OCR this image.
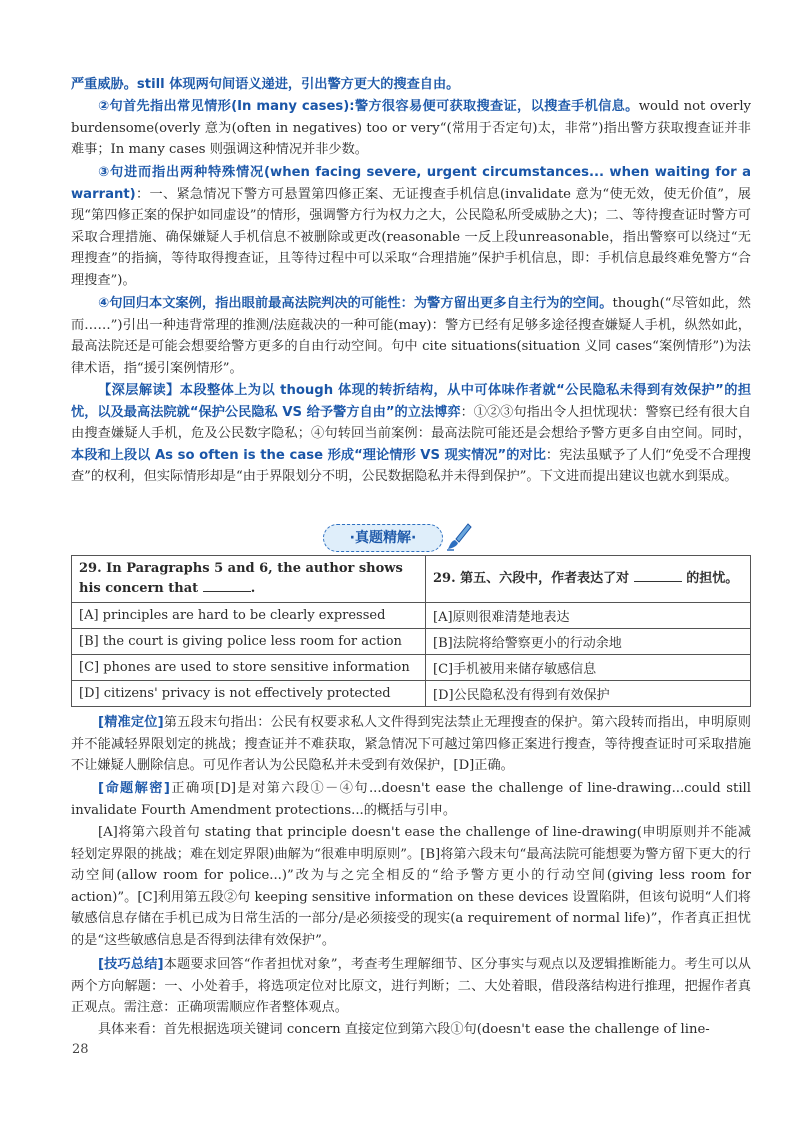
严重威胁。still 体现两句间语义递进，引出警方更大的搜查自由。

②句首先指出常见情形(In many cases):警方很容易便可获取搜查证，以搜查手机信息。would not overly burdensome(overly 意为(often in negatives) too or very“(常用于否定句)太，非常”)指出警方获取搜查证并非难事；In many cases 则强调这种情况并非少数。

③句进而指出两种特殊情况(when facing severe, urgent circumstances... when waiting for a warrant)：一、紧急情况下警方可悬置第四修正案、无证搜查手机信息(invalidate 意为“使无效，使无价值”，展现“第四修正案的保护如同虚设”的情形，强调警方行为权力之大，公民隐私所受威胁之大)；二、等待搜查证时警方可采取合理措施、确保嫌疑人手机信息不被删除或更改(reasonable 一反上段unreasonable，指出警察可以绕过“无理搜查”的指摘，等待取得搜查证，且等待过程中可以采取“合理措施”保护手机信息，即：手机信息最终难免警方“合理搜查”)。

④句回归本文案例，指出眼前最高法院判决的可能性：为警方留出更多自主行为的空间。though(“尽管如此，然而……”)引出一种违背常理的推测/法庭裁决的一种可能(may)：警方已经有足够多途径搜查嫌疑人手机，纵然如此，最高法院还是可能会想要给警方更多的自由行动空间。句中 cite situations(situation 义同 cases“案例情形”)为法律术语，指“援引案例情形”。

【深层解读】本段整体上为以 though 体现的转折结构，从中可体味作者就“公民隐私未得到有效保护”的担忧，以及最高法院就“保护公民隐私 VS 给予警方自由”的立法博弈：①②③句指出令人担忧现状：警察已经有很大自由搜查嫌疑人手机，危及公民数字隐私；④句转回当前案例：最高法院可能还是会想给予警方更多自由空间。同时，本段和上段以 As so often is the case 形成“理论情形 VS 现实情况”的对比：宪法虽赋予了人们“免受不合理搜查”的权利，但实际情形却是“由于界限划分不明，公民数据隐私并未得到保护”。下文进而提出建议也就水到渠成。

·真题精解·
29. In Paragraphs 5 and 6, the author shows his concern that .	29. 第五、六段中，作者表达了对 的担忧。
[A] principles are hard to be clearly expressed	[A]原则很难清楚地表达
[B] the court is giving police less room for action	[B]法院将给警察更小的行动余地
[C] phones are used to store sensitive information	[C]手机被用来储存敏感信息
[D] citizens' privacy is not effectively protected	[D]公民隐私没有得到有效保护

[精准定位]第五段末句指出：公民有权要求私人文件得到宪法禁止无理搜查的保护。第六段转而指出，申明原则并不能减轻界限划定的挑战；搜查证并不难获取，紧急情况下可越过第四修正案进行搜查，等待搜查证时可采取措施不让嫌疑人删除信息。可见作者认为公民隐私并未受到有效保护，[D]正确。

[命题解密]正确项[D]是对第六段①－④句...doesn't ease the challenge of line-drawing...could still invalidate Fourth Amendment protections...的概括与引申。

[A]将第六段首句 stating that principle doesn't ease the challenge of line-drawing(申明原则并不能减轻划定界限的挑战；难在划定界限)曲解为“很难申明原则”。[B]将第六段末句“最高法院可能想要为警方留下更大的行动空间(allow room for police...)”改为与之完全相反的“给予警方更小的行动空间(giving less room for action)”。[C]利用第五段②句 keeping sensitive information on these devices 设置陷阱，但该句说明“人们将敏感信息存储在手机已成为日常生活的一部分/是必须接受的现实(a requirement of normal life)”，作者真正担忧的是“这些敏感信息是否得到法律有效保护”。

[技巧总结]本题要求回答“作者担忧对象”，考查考生理解细节、区分事实与观点以及逻辑推断能力。考生可以从两个方向解题：一、小处着手，将选项定位对比原文，进行判断；二、大处着眼，借段落结构进行推理，把握作者真正观点。需注意：正确项需顺应作者整体观点。

具体来看：首先根据选项关键词 concern 直接定位到第六段①句(doesn't ease the challenge of line-

28
